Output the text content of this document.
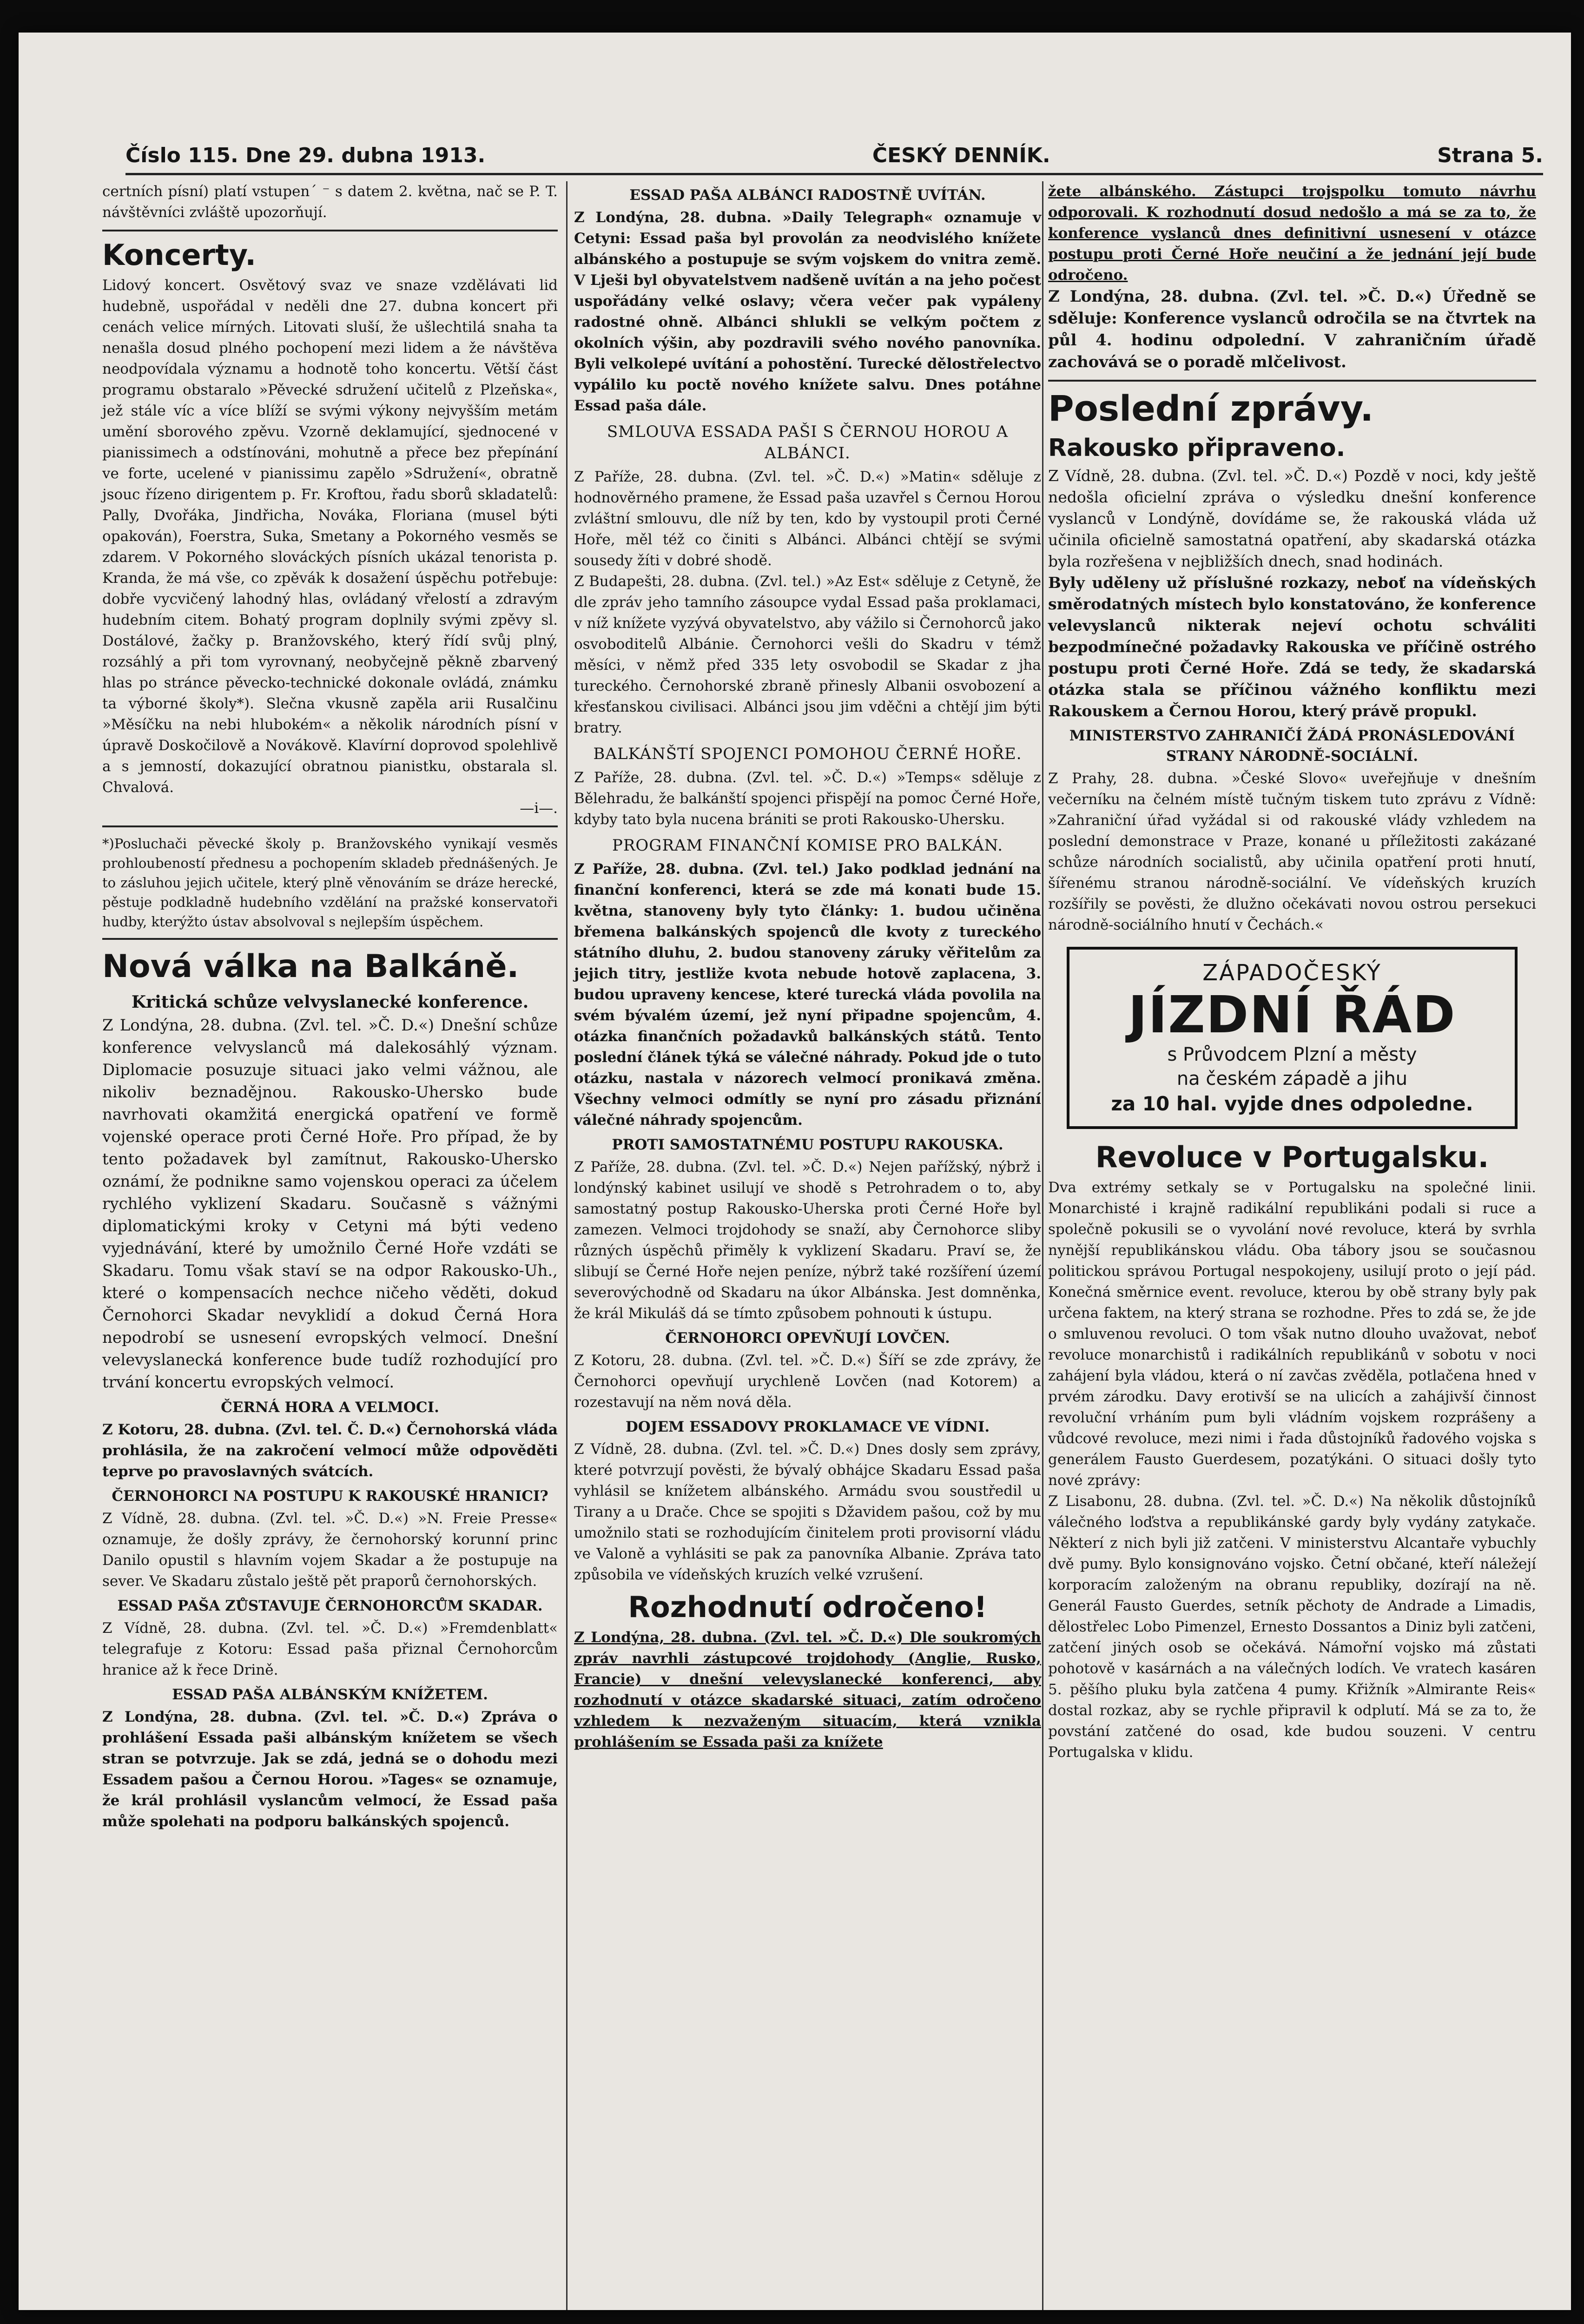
Číslo 115. Dne 29. dubna 1913.	ČESKÝ DENNÍK.	Strana 5.

certních písní) platí vstupen´ ⁻ s datem 2. května, nač se P. T. návštěvníci zvláště upozorňují.

Koncerty.

Lidový koncert. Osvětový svaz ve snaze vzdělávati lid hudebně, uspořádal v neděli dne 27. dubna koncert při cenách velice mírných. Litovati sluší, že ušlechtilá snaha ta nenašla dosud plného pochopení mezi lidem a že návštěva neodpovídala významu a hodnotě toho koncertu. Větší část programu obstaralo »Pěvecké sdružení učitelů z Plzeňska«, jež stále víc a více blíží se svými výkony nejvyšším metám umění sborového zpěvu. Vzorně deklamující, sjednocené v pianissimech a odstínováni, mohutně a přece bez přepínání ve forte, ucelené v pianissimu zapělo »Sdružení«, obratně jsouc řízeno dirigentem p. Fr. Kroftou, řadu sborů skladatelů: Pally, Dvořáka, Jindřicha, Nováka, Floriana (musel býti opakován), Foerstra, Suka, Smetany a Pokorného vesměs se zdarem. V Pokorného slováckých písních ukázal tenorista p. Kranda, že má vše, co zpěvák k dosažení úspěchu potřebuje: dobře vycvičený lahodný hlas, ovládaný vřelostí a zdravým hudebním citem. Bohatý program doplnily svými zpěvy sl. Dostálové, žačky p. Branžovského, který řídí svůj plný, rozsáhlý a při tom vyrovnaný, neobyčejně pěkně zbarvený hlas po stránce pěvecko-technické dokonale ovládá, známku ta výborné školy*). Slečna vkusně zapěla arii Rusalčinu »Měsíčku na nebi hlubokém« a několik národních písní v úpravě Doskočilově a Novákově. Klavírní doprovod spolehlivě a s jemností, dokazující obratnou pianistku, obstarala sl. Chvalová.

—i—.

*)Posluchači pěvecké školy p. Branžovského vynikají vesměs prohloubeností přednesu a pochopením skladeb přednášených. Je to zásluhou jejich učitele, který plně věnováním se dráze herecké, pěstuje podkladně hudebního vzdělání na pražské konservatoři hudby, kterýžto ústav absolvoval s nejlepším úspěchem.

Nová válka na Balkáně.
Kritická schůze velvyslanecké konference.

Z Londýna, 28. dubna. (Zvl. tel. »Č. D.«) Dnešní schůze konference velvyslanců má dalekosáhlý význam. Diplomacie posuzuje situaci jako velmi vážnou, ale nikoliv beznadějnou. Rakousko-Uhersko bude navrhovati okamžitá energická opatření ve formě vojenské operace proti Černé Hoře. Pro případ, že by tento požadavek byl zamítnut, Rakousko-Uhersko oznámí, že podnikne samo vojenskou operaci za účelem rychlého vyklizení Skadaru. Současně s vážnými diplomatickými kroky v Cetyni má býti vedeno vyjednávání, které by umožnilo Černé Hoře vzdáti se Skadaru. Tomu však staví se na odpor Rakousko-Uh., které o kompensacích nechce ničeho věděti, dokud Černohorci Skadar nevyklidí a dokud Černá Hora nepodrobí se usnesení evropských velmocí. Dnešní velevyslanecká konference bude tudíž rozhodující pro trvání koncertu evropských velmocí.

ČERNÁ HORA A VELMOCI.

Z Kotoru, 28. dubna. (Zvl. tel. Č. D.«) Černohorská vláda prohlásila, že na zakročení velmocí může odpověděti teprve po pravoslavných svátcích.

ČERNOHORCI NA POSTUPU K RAKOUSKÉ HRANICI?

Z Vídně, 28. dubna. (Zvl. tel. »Č. D.«) »N. Freie Presse« oznamuje, že došly zprávy, že černohorský korunní princ Danilo opustil s hlavním vojem Skadar a že postupuje na sever. Ve Skadaru zůstalo ještě pět praporů černohorských.

ESSAD PAŠA ZŮSTAVUJE ČERNOHORCŮM SKADAR.

Z Vídně, 28. dubna. (Zvl. tel. »Č. D.«) »Fremdenblatt« telegrafuje z Kotoru: Essad paša přiznal Černohorcům hranice až k řece Drině.

ESSAD PAŠA ALBÁNSKÝM KNÍŽETEM.

Z Londýna, 28. dubna. (Zvl. tel. »Č. D.«) Zpráva o prohlášení Essada paši albánským knížetem se všech stran se potvrzuje. Jak se zdá, jedná se o dohodu mezi Essadem pašou a Černou Horou. »Tages« se oznamuje, že král prohlásil vyslancům velmocí, že Essad paša může spolehati na podporu balkánských spojenců.

ESSAD PAŠA ALBÁNCI RADOSTNĚ UVÍTÁN.

Z Londýna, 28. dubna. »Daily Telegraph« oznamuje v Cetyni: Essad paša byl provolán za neodvislého knížete albánského a postupuje se svým vojskem do vnitra země. V Lješi byl obyvatelstvem nadšeně uvítán a na jeho počest uspořádány velké oslavy; včera večer pak vypáleny radostné ohně. Albánci shlukli se velkým počtem z okolních výšin, aby pozdravili svého nového panovníka. Byli velkolepé uvítání a pohostění. Turecké dělostřelectvo vypálilo ku poctě nového knížete salvu. Dnes potáhne Essad paša dále.

SMLOUVA ESSADA PAŠI S ČERNOU HOROU A ALBÁNCI.

Z Paříže, 28. dubna. (Zvl. tel. »Č. D.«) »Matin« sděluje z hodnověrného pramene, že Essad paša uzavřel s Černou Horou zvláštní smlouvu, dle níž by ten, kdo by vystoupil proti Černé Hoře, měl též co činiti s Albánci. Albánci chtějí se svými sousedy žíti v dobré shodě.

Z Budapešti, 28. dubna. (Zvl. tel.) »Az Est« sděluje z Cetyně, že dle zpráv jeho tamního zásoupce vydal Essad paša proklamaci, v níž knížete vyzývá obyvatelstvo, aby vážilo si Černohorců jako osvoboditelů Albánie. Černohorci vešli do Skadru v témž měsíci, v němž před 335 lety osvobodil se Skadar z jha tureckého. Černohorské zbraně přinesly Albanii osvobození a křesťanskou civilisaci. Albánci jsou jim vděčni a chtějí jim býti bratry.

BALKÁNŠTÍ SPOJENCI POMOHOU ČERNÉ HOŘE.

Z Paříže, 28. dubna. (Zvl. tel. »Č. D.«) »Temps« sděluje z Bělehradu, že balkánští spojenci přispějí na pomoc Černé Hoře, kdyby tato byla nucena brániti se proti Rakousko-Uhersku.

PROGRAM FINANČNÍ KOMISE PRO BALKÁN.

Z Paříže, 28. dubna. (Zvl. tel.) Jako podklad jednání na finanční konferenci, která se zde má konati bude 15. května, stanoveny byly tyto články: 1. budou učiněna břemena balkánských spojenců dle kvoty z tureckého státního dluhu, 2. budou stanoveny záruky věřitelům za jejich titry, jestliže kvota nebude hotově zaplacena, 3. budou upraveny kencese, které turecká vláda povolila na svém bývalém území, jež nyní připadne spojencům, 4. otázka finančních požadavků balkánských států. Tento poslední článek týká se válečné náhrady. Pokud jde o tuto otázku, nastala v názorech velmocí pronikavá změna. Všechny velmoci odmítly se nyní pro zásadu přiznání válečné náhrady spojencům.

PROTI SAMOSTATNÉMU POSTUPU RAKOUSKA.

Z Paříže, 28. dubna. (Zvl. tel. »Č. D.«) Nejen pařížský, nýbrž i londýnský kabinet usilují ve shodě s Petrohradem o to, aby samostatný postup Rakousko-Uherska proti Černé Hoře byl zamezen. Velmoci trojdohody se snaží, aby Černohorce sliby různých úspěchů přiměly k vyklizení Skadaru. Praví se, že slibují se Černé Hoře nejen peníze, nýbrž také rozšíření území severovýchodně od Skadaru na úkor Albánska. Jest domněnka, že král Mikuláš dá se tímto způsobem pohnouti k ústupu.

ČERNOHORCI OPEVŇUJÍ LOVČEN.

Z Kotoru, 28. dubna. (Zvl. tel. »Č. D.«) Šíří se zde zprávy, že Černohorci opevňují urychleně Lovčen (nad Kotorem) a rozestavují na něm nová děla.

DOJEM ESSADOVY PROKLAMACE VE VÍDNI.

Z Vídně, 28. dubna. (Zvl. tel. »Č. D.«) Dnes dosly sem zprávy, které potvrzují pověsti, že bývalý obhájce Skadaru Essad paša vyhlásil se knížetem albánského. Armádu svou soustředil u Tirany a u Drače. Chce se spojiti s Džavidem pašou, což by mu umožnilo stati se rozhodujícím činitelem proti provisorní vládu ve Valoně a vyhlásiti se pak za panovníka Albanie. Zpráva tato způsobila ve vídeňských kruzích velké vzrušení.

Rozhodnutí odročeno!

Z Londýna, 28. dubna. (Zvl. tel. »Č. D.«) Dle soukromých zpráv navrhli zástupcové trojdohody (Anglie, Rusko, Francie) v dnešní velevyslanecké konferenci, aby rozhodnutí v otázce skadarské situaci, zatím odročeno vzhledem k nezvaženým situacím, která vznikla prohlášením se Essada paši za knížete

žete albánského. Zástupci trojspolku tomuto návrhu odporovali. K rozhodnutí dosud nedošlo a má se za to, že konference vyslanců dnes definitivní usnesení v otázce postupu proti Černé Hoře neučiní a že jednání její bude odročeno.

Z Londýna, 28. dubna. (Zvl. tel. »Č. D.«) Úředně se sděluje: Konference vyslanců odročila se na čtvrtek na půl 4. hodinu odpolední. V zahraničním úřadě zachovává se o poradě mlčelivost.

Poslední zprávy.
Rakousko připraveno.

Z Vídně, 28. dubna. (Zvl. tel. »Č. D.«) Pozdě v noci, kdy ještě nedošla oficielní zpráva o výsledku dnešní konference vyslanců v Londýně, dovídáme se, že rakouská vláda už učinila oficielně samostatná opatření, aby skadarská otázka byla rozřešena v nejbližších dnech, snad hodinách.

Byly uděleny už příslušné rozkazy, neboť na vídeňských směrodatných místech bylo konstatováno, že konference velevyslanců nikterak nejeví ochotu schváliti bezpodmínečné požadavky Rakouska ve příčině ostrého postupu proti Černé Hoře. Zdá se tedy, že skadarská otázka stala se příčinou vážného konfliktu mezi Rakouskem a Černou Horou, který právě propukl.

MINISTERSTVO ZAHRANIČÍ ŽÁDÁ PRONÁSLEDOVÁNÍ STRANY NÁRODNĚ-SOCIÁLNÍ.

Z Prahy, 28. dubna. »České Slovo« uveřejňuje v dnešním večerníku na čelném místě tučným tiskem tuto zprávu z Vídně: »Zahraniční úřad vyžádal si od rakouské vlády vzhledem na poslední demonstrace v Praze, konané u příležitosti zakázané schůze národních socialistů, aby učinila opatření proti hnutí, šířenému stranou národně-sociální. Ve vídeňských kruzích rozšířily se pověsti, že dlužno očekávati novou ostrou persekuci národně-sociálního hnutí v Čechách.«

ZÁPADOČESKÝ
JÍZDNÍ ŘÁD
s Průvodcem Plzní a městy
na českém západě a jihu
za 10 hal. vyjde dnes odpoledne.
Revoluce v Portugalsku.

Dva extrémy setkaly se v Portugalsku na společné linii. Monarchisté i krajně radikální republikáni podali si ruce a společně pokusili se o vyvolání nové revoluce, která by svrhla nynější republikánskou vládu. Oba tábory jsou se současnou politickou správou Portugal nespokojeny, usilují proto o její pád. Konečná směrnice event. revoluce, kterou by obě strany byly pak určena faktem, na který strana se rozhodne. Přes to zdá se, že jde o smluvenou revoluci. O tom však nutno dlouho uvažovat, neboť revoluce monarchistů i radikálních republikánů v sobotu v noci zahájení byla vládou, která o ní zavčas zvěděla, potlačena hned v prvém zárodku. Davy erotivší se na ulicích a zahájivší činnost revoluční vrháním pum byli vládním vojskem rozprášeny a vůdcové revoluce, mezi nimi i řada důstojníků řadového vojska s generálem Fausto Guerdesem, pozatýkáni. O situaci došly tyto nové zprávy:

Z Lisabonu, 28. dubna. (Zvl. tel. »Č. D.«) Na několik důstojníků válečného loďstva a republikánské gardy byly vydány zatykače. Některí z nich byli již zatčeni. V ministerstvu Alcantaře vybuchly dvě pumy. Bylo konsignováno vojsko. Četní občané, kteří náležejí korporacím založeným na obranu republiky, dozírají na ně. Generál Fausto Guerdes, setník pěchoty de Andrade a Limadis, dělostřelec Lobo Pimenzel, Ernesto Dossantos a Diniz byli zatčeni, zatčení jiných osob se očekává. Námořní vojsko má zůstati pohotově v kasárnách a na válečných lodích. Ve vratech kasáren 5. pěšího pluku byla zatčena 4 pumy. Křižník »Almirante Reis« dostal rozkaz, aby se rychle připravil k odplutí. Má se za to, že povstání zatčené do osad, kde budou souzeni. V centru Portugalska v klidu.
